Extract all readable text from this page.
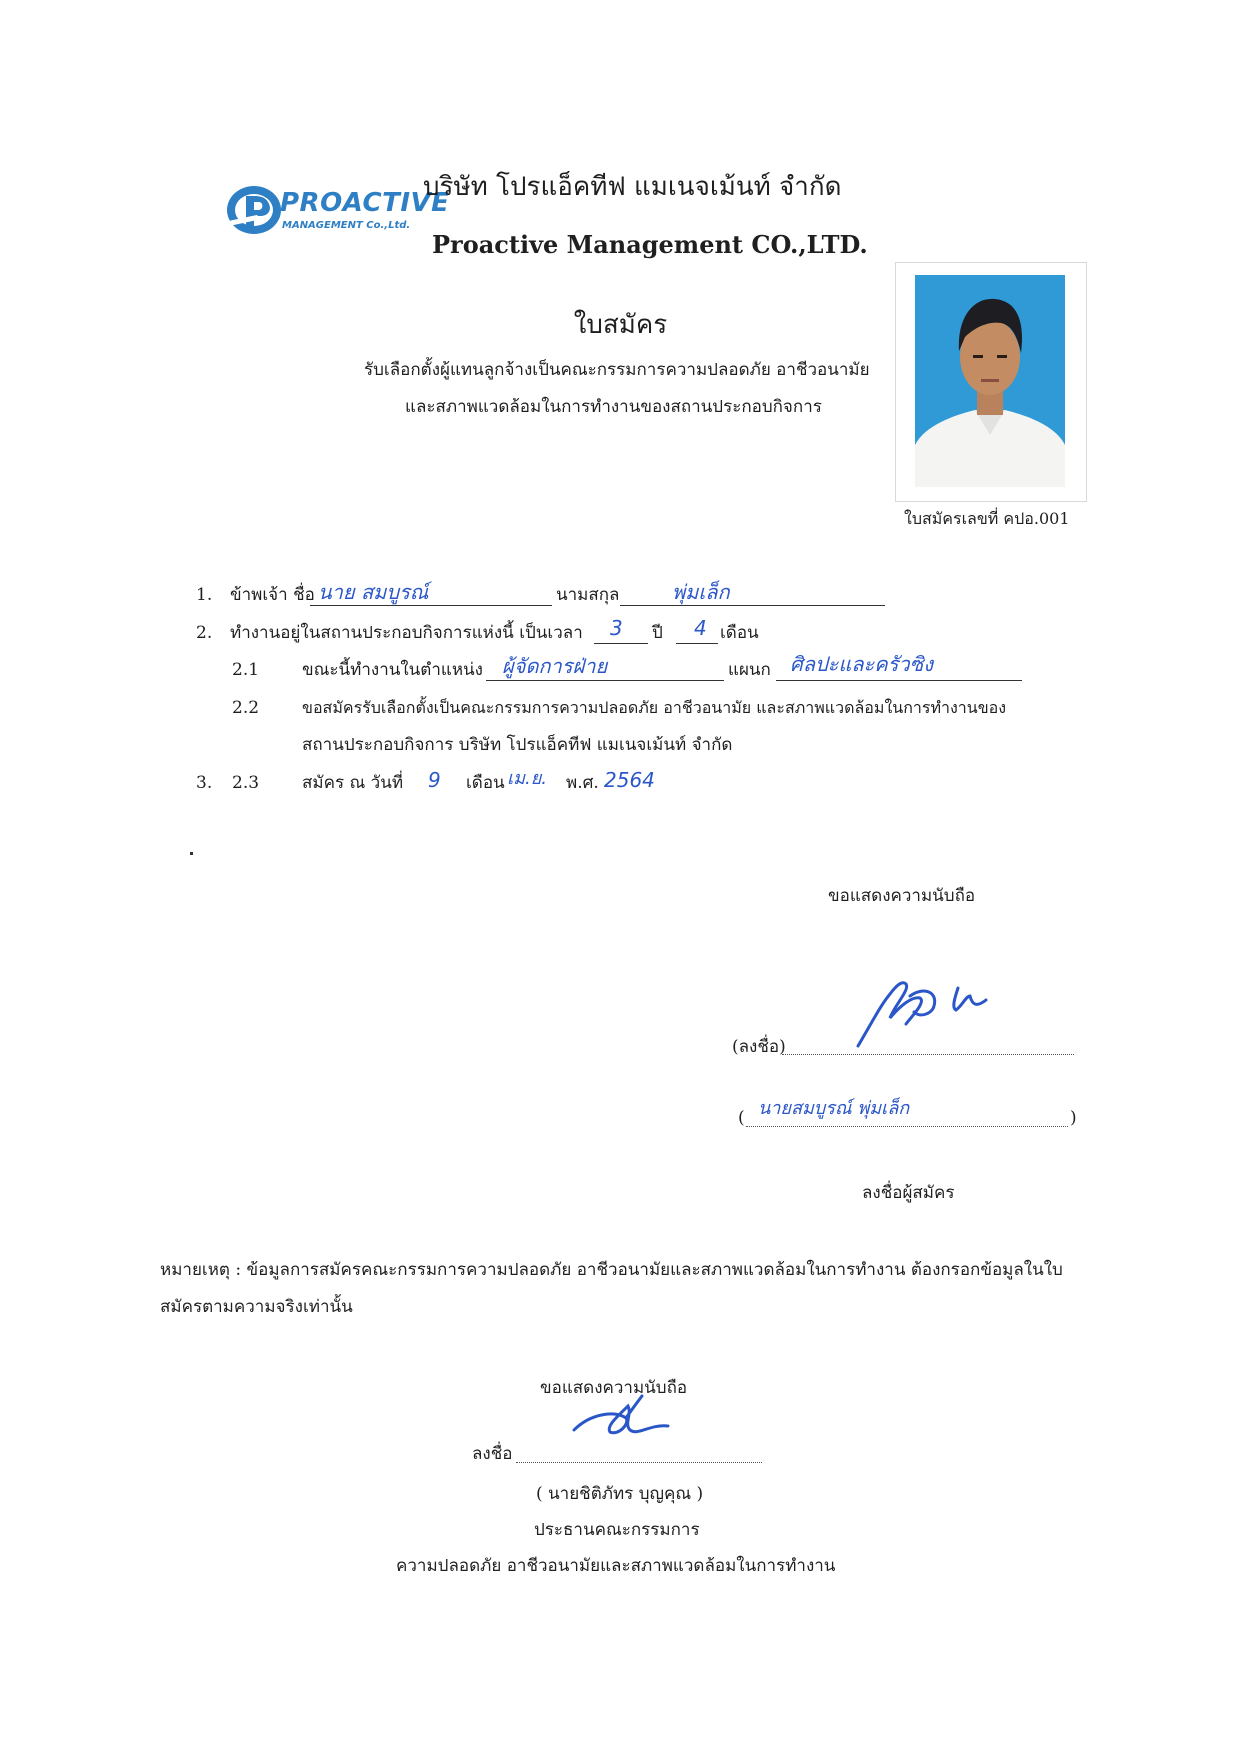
PROACTIVE
MANAGEMENT Co.,Ltd.
บริษัท โปรแอ็คทีฟ แมเนจเม้นท์ จำกัด
Proactive Management CO.,LTD.
ใบสมัคร
รับเลือกตั้งผู้แทนลูกจ้างเป็นคณะกรรมการความปลอดภัย อาชีวอนามัย
และสภาพแวดล้อมในการทำงานของสถานประกอบกิจการ
ใบสมัครเลขที่ คปอ.001
1. ข้าพเจ้า ชื่อ นาย สมบูรณ์	นามสกุล	พุ่มเล็ก
2. ทำงานอยู่ในสถานประกอบกิจการแห่งนี้ เป็นเวลา 3 ปี 4 เดือน
2.1	ขณะนี้ทำงานในตำแหน่ง ผู้จัดการฝ่าย	แผนก ศิลปะและครัวซิง
2.2	ขอสมัครรับเลือกตั้งเป็นคณะกรรมการความปลอดภัย อาชีวอนามัย และสภาพแวดล้อมในการทำงานของ
สถานประกอบกิจการ บริษัท โปรแอ็คทีฟ แมเนจเม้นท์ จำกัด
3. 2.3	สมัคร ณ วันที่ 9 เดือน เม.ย. พ.ศ. 2564
ขอแสดงความนับถือ
(ลงชื่อ)
( นายสมบูรณ์ พุ่มเล็ก	)
ลงชื่อผู้สมัคร
หมายเหตุ : ข้อมูลการสมัครคณะกรรมการความปลอดภัย อาชีวอนามัยและสภาพแวดล้อมในการทำงาน ต้องกรอกข้อมูลในใบ
สมัครตามความจริงเท่านั้น
ขอแสดงความนับถือ
ลงชื่อ
( นายชิติภัทร บุญคุณ )
ประธานคณะกรรมการ
ความปลอดภัย อาชีวอนามัยและสภาพแวดล้อมในการทำงาน
